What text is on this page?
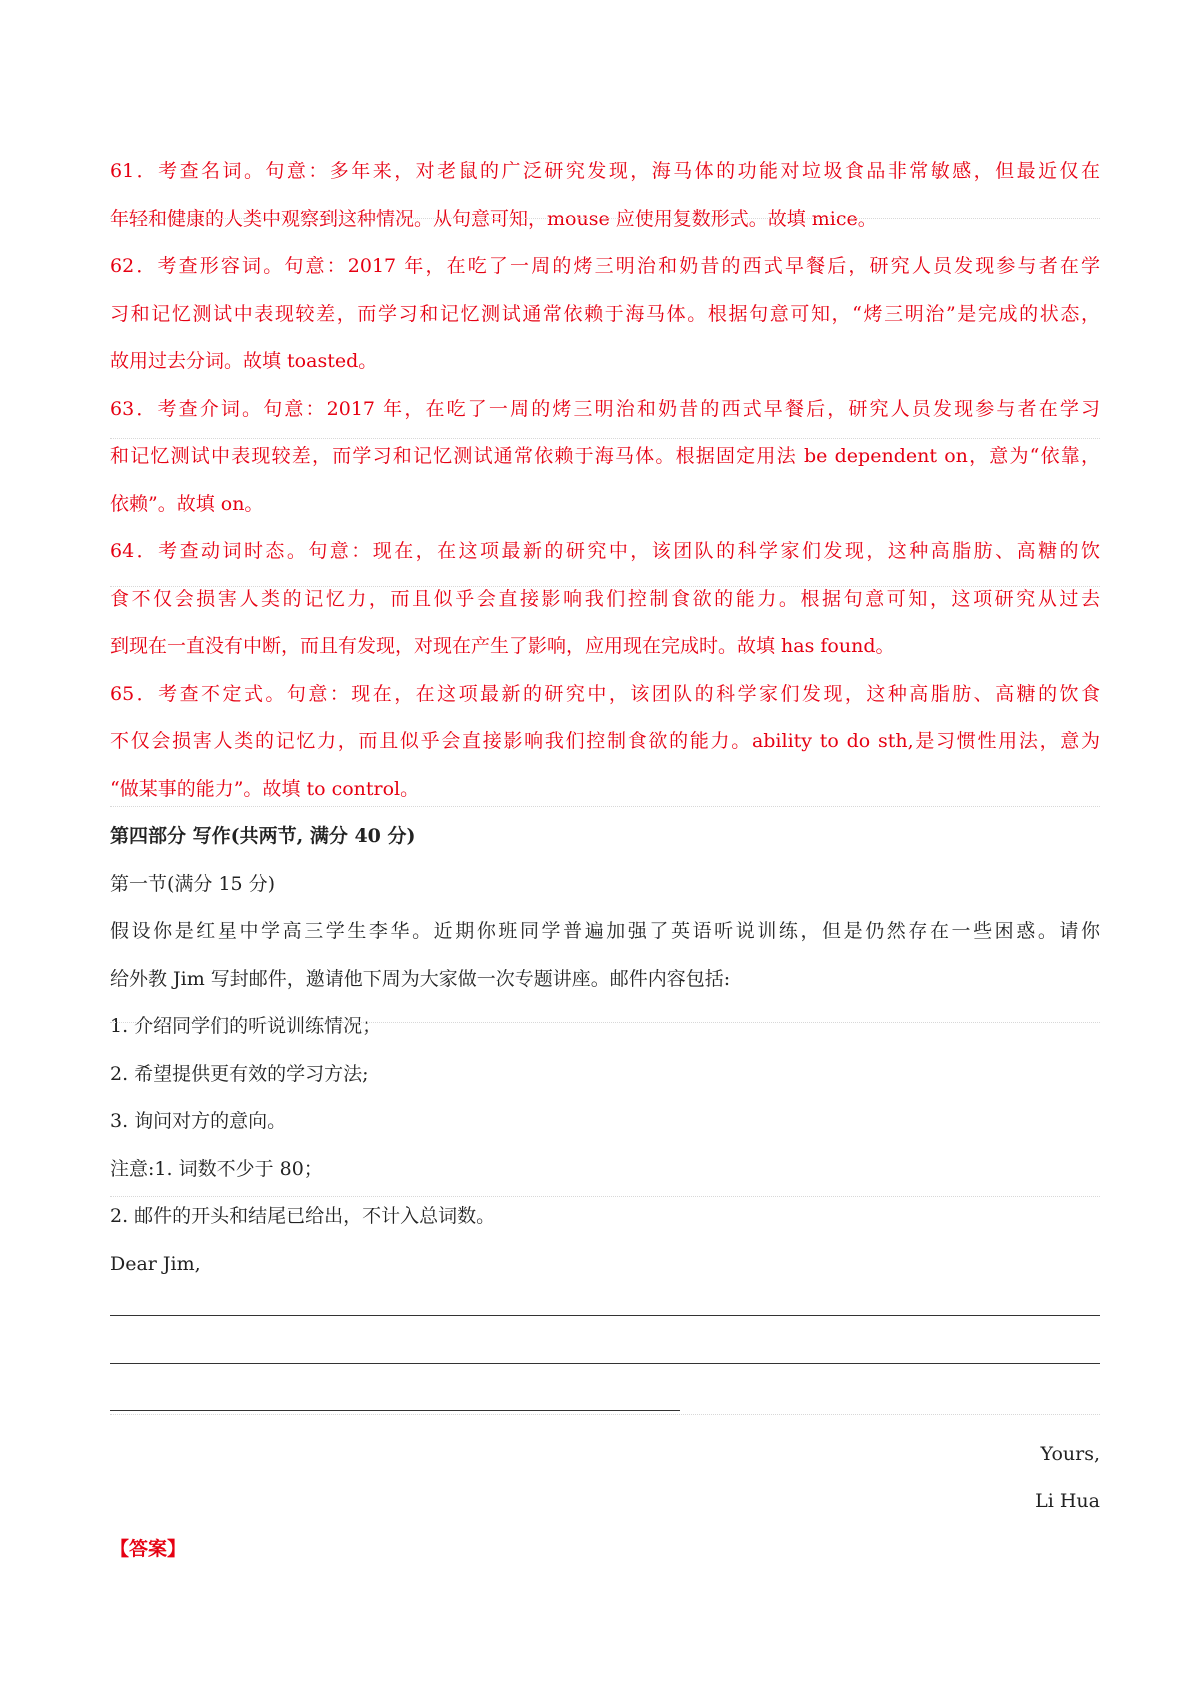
61．考查名词。句意：多年来，对老鼠的广泛研究发现，海马体的功能对垃圾食品非常敏感，但最近仅在
年轻和健康的人类中观察到这种情况。从句意可知，mouse 应使用复数形式。故填 mice。
62．考查形容词。句意：2017 年，在吃了一周的烤三明治和奶昔的西式早餐后，研究人员发现参与者在学
习和记忆测试中表现较差，而学习和记忆测试通常依赖于海马体。根据句意可知，“烤三明治”是完成的状态，
故用过去分词。故填 toasted。
63．考查介词。句意：2017 年，在吃了一周的烤三明治和奶昔的西式早餐后，研究人员发现参与者在学习
和记忆测试中表现较差，而学习和记忆测试通常依赖于海马体。根据固定用法 be dependent on，意为“依靠，
依赖”。故填 on。
64．考查动词时态。句意：现在，在这项最新的研究中，该团队的科学家们发现，这种高脂肪、高糖的饮
食不仅会损害人类的记忆力，而且似乎会直接影响我们控制食欲的能力。根据句意可知，这项研究从过去
到现在一直没有中断，而且有发现，对现在产生了影响，应用现在完成时。故填 has found。
65．考查不定式。句意：现在，在这项最新的研究中，该团队的科学家们发现，这种高脂肪、高糖的饮食
不仅会损害人类的记忆力，而且似乎会直接影响我们控制食欲的能力。ability to do sth,是习惯性用法，意为
“做某事的能力”。故填 to control。
第四部分 写作(共两节, 满分 40 分)
第一节(满分 15 分)
假设你是红星中学高三学生李华。近期你班同学普遍加强了英语听说训练，但是仍然存在一些困惑。请你
给外教 Jim 写封邮件，邀请他下周为大家做一次专题讲座。邮件内容包括:
1. 介绍同学们的听说训练情况；
2. 希望提供更有效的学习方法;
3. 询问对方的意向。
注意:1. 词数不少于 80；
2. 邮件的开头和结尾已给出，不计入总词数。
Dear Jim,
Yours,
Li Hua
【答案】
